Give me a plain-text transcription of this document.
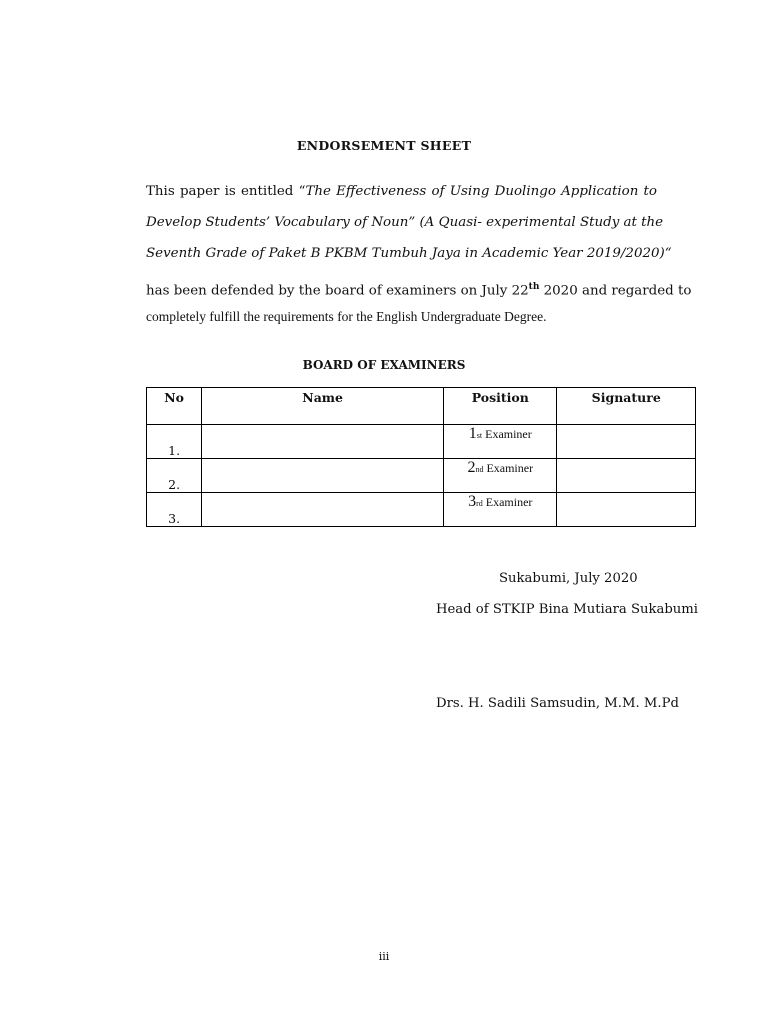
ENDORSEMENT SHEET
This paper is entitled “The Effectiveness of Using Duolingo Application to
Develop Students’ Vocabulary of Noun” (A Quasi- experimental Study at the
Seventh Grade of Paket B PKBM Tumbuh Jaya in Academic Year 2019/2020)“
has been defended by the board of examiners on July 22th 2020 and regarded to
completely fulfill the requirements for the English Undergraduate Degree.
BOARD OF EXAMINERS
No	Name	Position	Signature
1.		1st Examiner	
2.		2nd Examiner	
3.		3rd Examiner	
Sukabumi, July 2020
Head of STKIP Bina Mutiara Sukabumi
Drs. H. Sadili Samsudin, M.M. M.Pd
iii
